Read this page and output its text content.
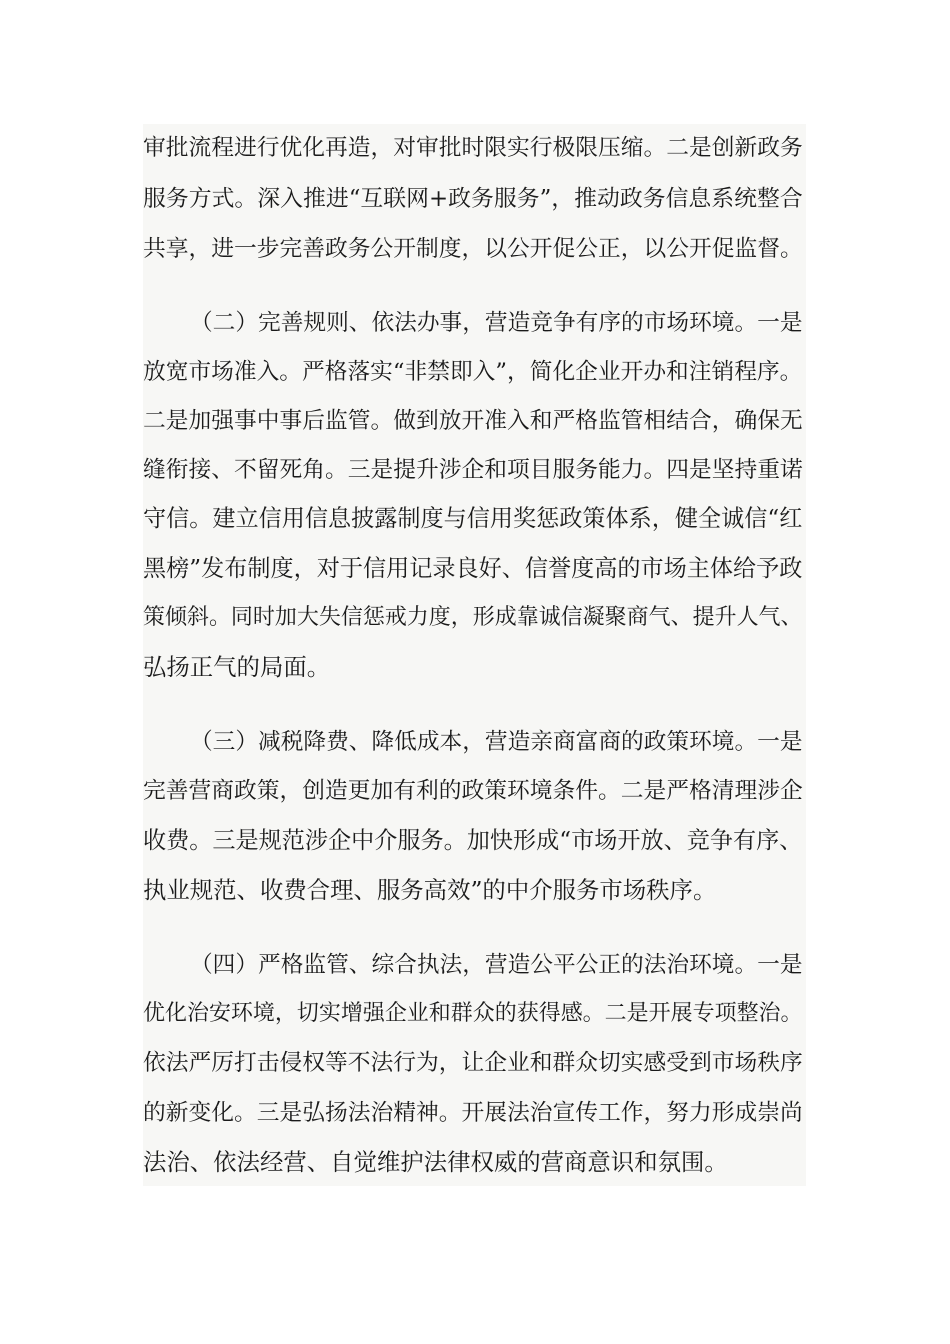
审批流程进行优化再造，对审批时限实行极限压缩。二是创新政务
服务方式。深入推进“互联网+政务服务”，推动政务信息系统整合
共享，进一步完善政务公开制度，以公开促公正，以公开促监督。
（二）完善规则、依法办事，营造竞争有序的市场环境。一是
放宽市场准入。严格落实“非禁即入”，简化企业开办和注销程序。
二是加强事中事后监管。做到放开准入和严格监管相结合，确保无
缝衔接、不留死角。三是提升涉企和项目服务能力。四是坚持重诺
守信。建立信用信息披露制度与信用奖惩政策体系，健全诚信“红
黑榜”发布制度，对于信用记录良好、信誉度高的市场主体给予政
策倾斜。同时加大失信惩戒力度，形成靠诚信凝聚商气、提升人气、
弘扬正气的局面。
（三）减税降费、降低成本，营造亲商富商的政策环境。一是
完善营商政策，创造更加有利的政策环境条件。二是严格清理涉企
收费。三是规范涉企中介服务。加快形成“市场开放、竞争有序、
执业规范、收费合理、服务高效”的中介服务市场秩序。
（四）严格监管、综合执法，营造公平公正的法治环境。一是
优化治安环境，切实增强企业和群众的获得感。二是开展专项整治。
依法严厉打击侵权等不法行为，让企业和群众切实感受到市场秩序
的新变化。三是弘扬法治精神。开展法治宣传工作，努力形成崇尚
法治、依法经营、自觉维护法律权威的营商意识和氛围。
